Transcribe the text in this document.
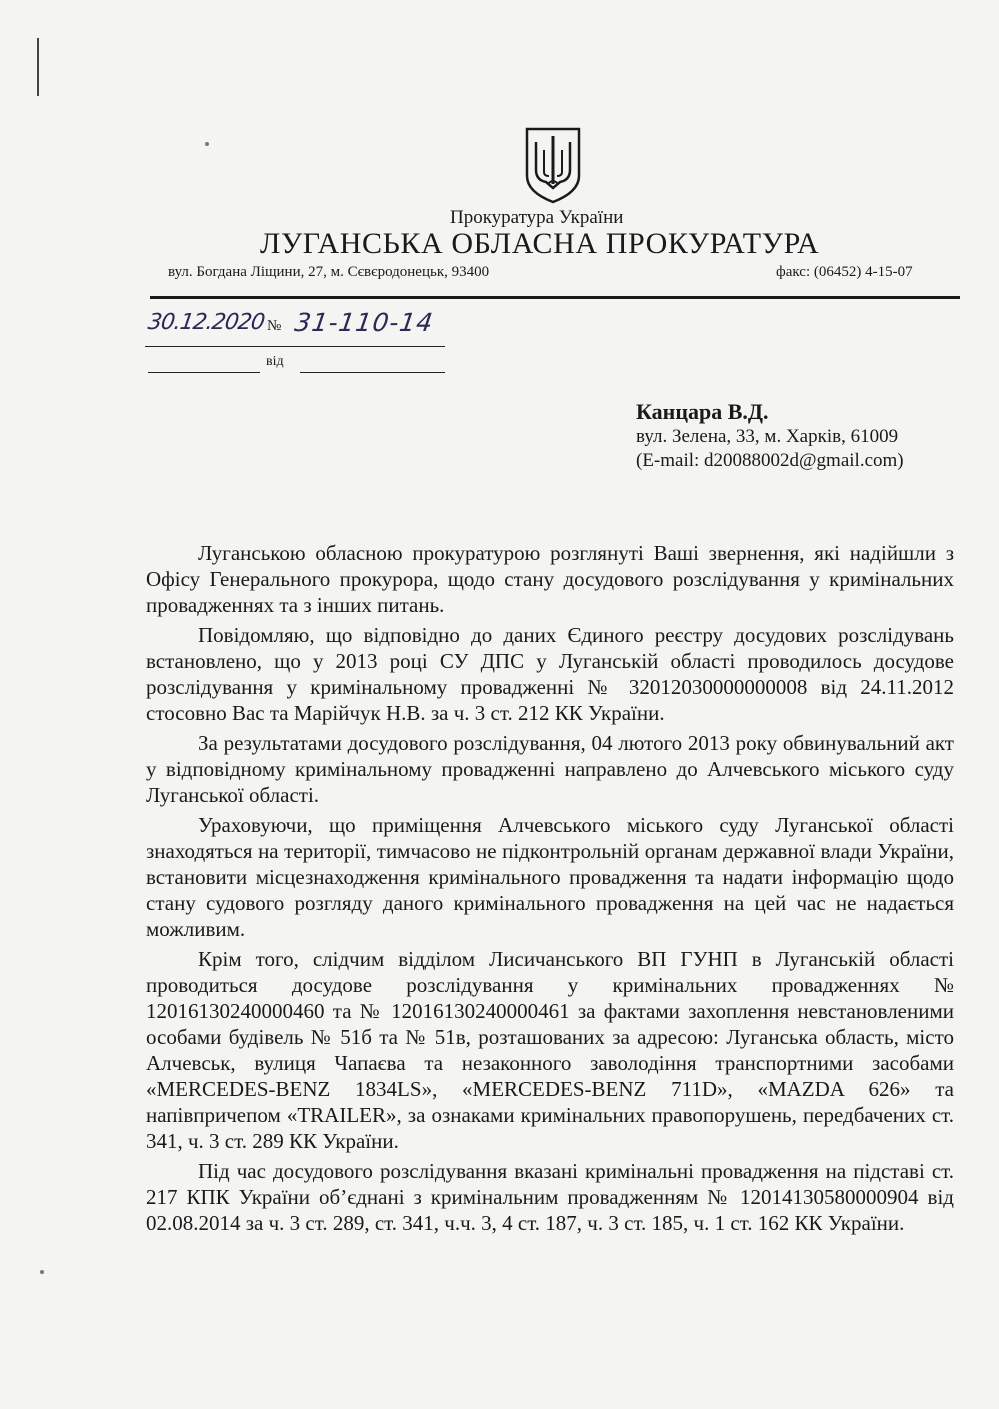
Прокуратура України
ЛУГАНСЬКА ОБЛАСНА ПРОКУРАТУРА
вул. Богдана Ліщини, 27, м. Сєвєродонецьк, 93400	факс: (06452) 4-15-07
30.12.2020 № 31-110-14
від
Канцара В.Д.
вул. Зелена, 33, м. Харків, 61009
(E-mail: d20088002d@gmail.com)

Луганською обласною прокуратурою розглянуті Ваші звернення, які надійшли з Офісу Генерального прокурора, щодо стану досудового розслідування у кримінальних провадженнях та з інших питань.

Повідомляю, що відповідно до даних Єдиного реєстру досудових розслідувань встановлено, що у 2013 році СУ ДПС у Луганській області проводилось досудове розслідування у кримінальному провадженні № 32012030000000008 від 24.11.2012 стосовно Вас та Марійчук Н.В. за ч. 3 ст. 212 КК України.

За результатами досудового розслідування, 04 лютого 2013 року обвинувальний акт у відповідному кримінальному провадженні направлено до Алчевського міського суду Луганської області.

Ураховуючи, що приміщення Алчевського міського суду Луганської області знаходяться на території, тимчасово не підконтрольній органам державної влади України, встановити місцезнаходження кримінального провадження та надати інформацію щодо стану судового розгляду даного кримінального провадження на цей час не надається можливим.

Крім того, слідчим відділом Лисичанського ВП ГУНП в Луганській області проводиться досудове розслідування у кримінальних провадженнях № 12016130240000460 та № 12016130240000461 за фактами захоплення невстановленими особами будівель № 51б та № 51в, розташованих за адресою: Луганська область, місто Алчевськ, вулиця Чапаєва та незаконного заволодіння транспортними засобами «MERCEDES-BENZ 1834LS», «MERCEDES-BENZ 711D», «MAZDA 626» та напівпричепом «TRAILER», за ознаками кримінальних правопорушень, передбачених ст. 341, ч. 3 ст. 289 КК України.

Під час досудового розслідування вказані кримінальні провадження на підставі ст. 217 КПК України об’єднані з кримінальним провадженням № 12014130580000904 від 02.08.2014 за ч. 3 ст. 289, ст. 341, ч.ч. 3, 4 ст. 187, ч. 3 ст. 185, ч. 1 ст. 162 КК України.
